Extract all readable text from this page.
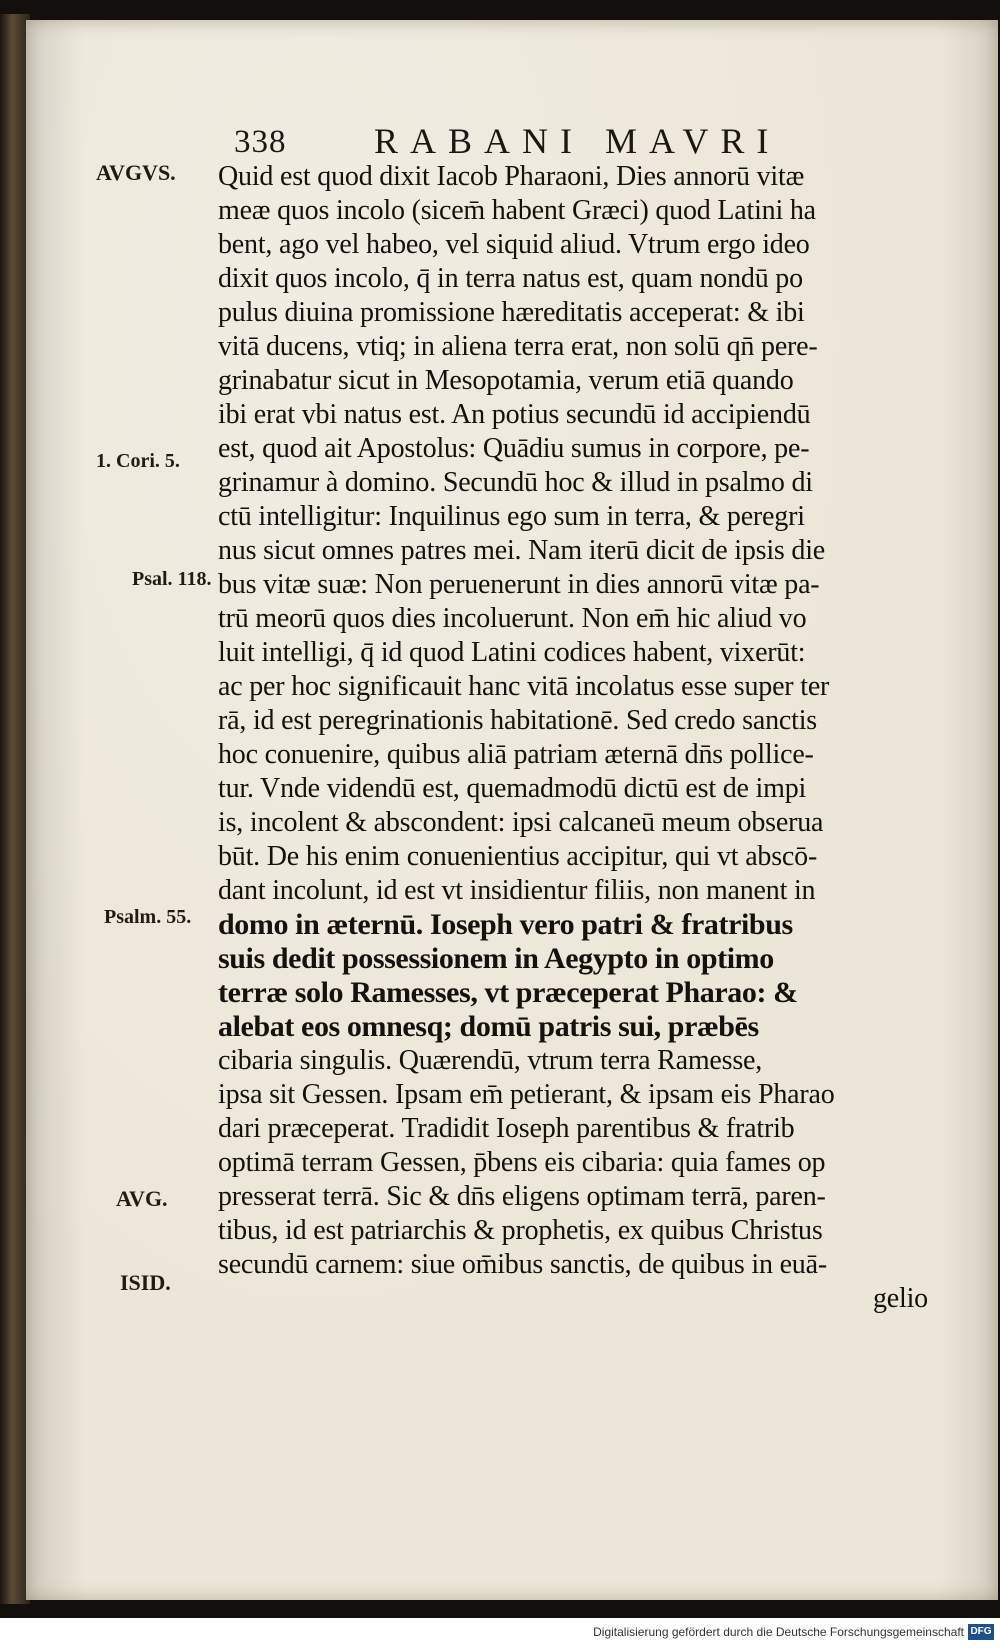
338 RABANI MAVRI
AVGVS.
1. Cori. 5.
Psal. 118.
Psalm. 55.
AVG.
ISID.
Quid est quod dixit Iacob Pharaoni, Dies annorū vitæ
meæ quos incolo (sicem̄ habent Græci) quod Latini ha
bent, ago vel habeo, vel siquid aliud. Vtrum ergo ideo
dixit quos incolo, q̄ in terra natus est, quam nondū po
pulus diuina promissione hæreditatis acceperat: & ibi
vitā ducens, vtiq; in aliena terra erat, non solū qn̄ pere-
grinabatur sicut in Mesopotamia, verum etiā quando
ibi erat vbi natus est. An potius secundū id accipiendū
est, quod ait Apostolus: Quādiu sumus in corpore, pe-
grinamur à domino. Secundū hoc & illud in psalmo di
ctū intelligitur: Inquilinus ego sum in terra, & peregri
nus sicut omnes patres mei. Nam iterū dicit de ipsis die
bus vitæ suæ: Non peruenerunt in dies annorū vitæ pa-
trū meorū quos dies incoluerunt. Non em̄ hic aliud vo
luit intelligi, q̄ id quod Latini codices habent, vixerūt:
ac per hoc significauit hanc vitā incolatus esse super ter
rā, id est peregrinationis habitationē. Sed credo sanctis
hoc conuenire, quibus aliā patriam æternā dn̄s pollice-
tur. Vnde videndū est, quemadmodū dictū est de impi
is, incolent & abscondent: ipsi calcaneū meum obserua
būt. De his enim conuenientius accipitur, qui vt abscō-
dant incolunt, id est vt insidientur filiis, non manent in
domo in æternū. Ioseph vero patri & fratribus
suis dedit possessionem in Aegypto in optimo
terræ solo Ramesses, vt præceperat Pharao: &
alebat eos omnesq; domū patris sui, præbēs
cibaria singulis. Quærendū, vtrum terra Ramesse,
ipsa sit Gessen. Ipsam em̄ petierant, & ipsam eis Pharao
dari præceperat. Tradidit Ioseph parentibus & fratrib
optimā terram Gessen, p̄bens eis cibaria: quia fames op
presserat terrā. Sic & dn̄s eligens optimam terrā, paren-
tibus, id est patriarchis & prophetis, ex quibus Christus
secundū carnem: siue om̄ibus sanctis, de quibus in euā-
gelio
Digitalisierung gefördert durch die Deutsche Forschungsgemeinschaft DFG
